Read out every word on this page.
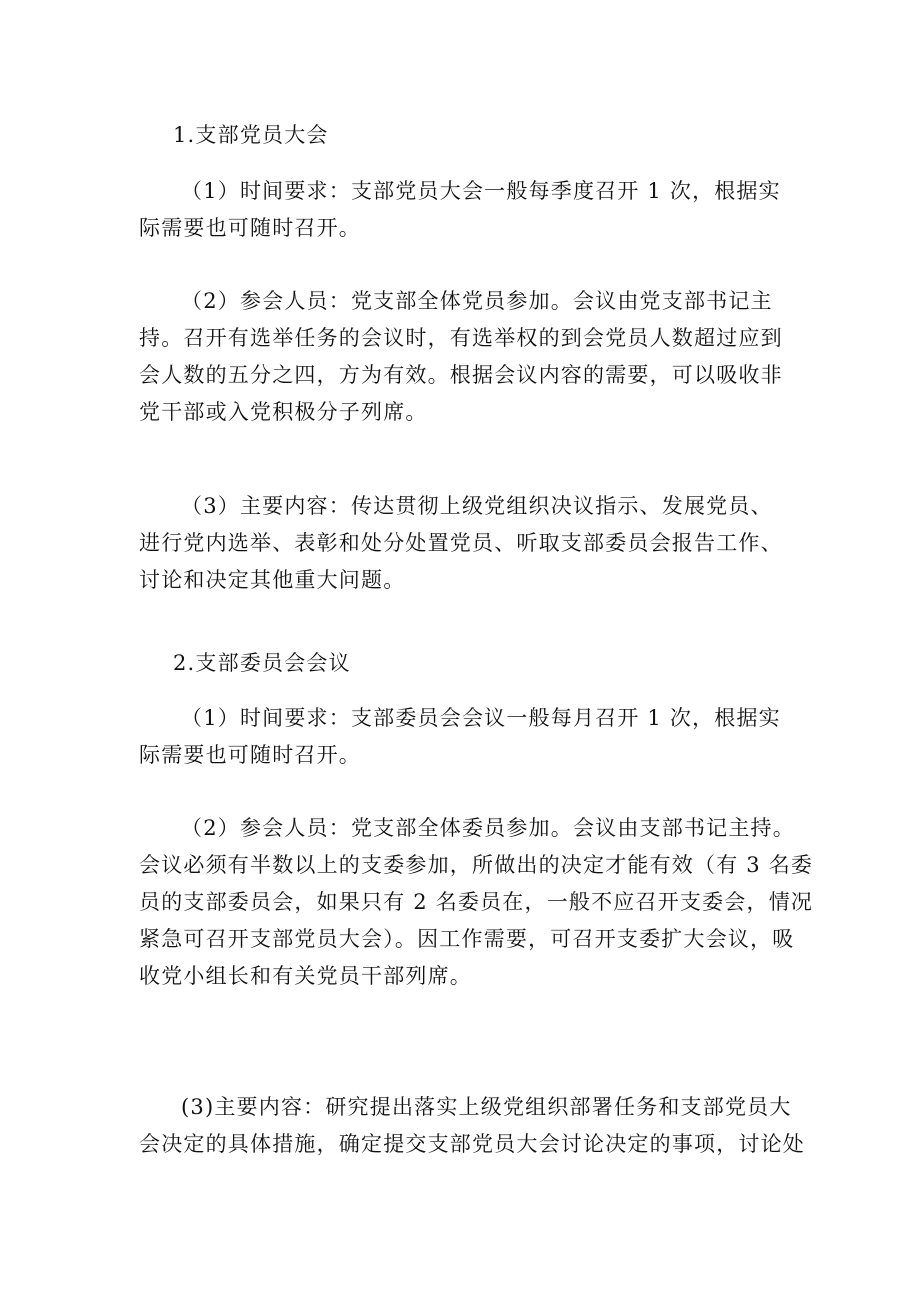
1.支部党员大会

（1）时间要求：支部党员大会一般每季度召开 1 次，根据实
际需要也可随时召开。

（2）参会人员：党支部全体党员参加。会议由党支部书记主
持。召开有选举任务的会议时，有选举权的到会党员人数超过应到
会人数的五分之四，方为有效。根据会议内容的需要，可以吸收非
党干部或入党积极分子列席。

（3）主要内容：传达贯彻上级党组织决议指示、发展党员、
进行党内选举、表彰和处分处置党员、听取支部委员会报告工作、
讨论和决定其他重大问题。

2.支部委员会会议

（1）时间要求：支部委员会会议一般每月召开 1 次，根据实
际需要也可随时召开。

（2）参会人员：党支部全体委员参加。会议由支部书记主持。
会议必须有半数以上的支委参加，所做出的决定才能有效（有 3 名委
员的支部委员会，如果只有 2 名委员在，一般不应召开支委会，情况
紧急可召开支部党员大会）。因工作需要，可召开支委扩大会议，吸
收党小组长和有关党员干部列席。

(3)主要内容：研究提出落实上级党组织部署任务和支部党员大
会决定的具体措施，确定提交支部党员大会讨论决定的事项，讨论处
